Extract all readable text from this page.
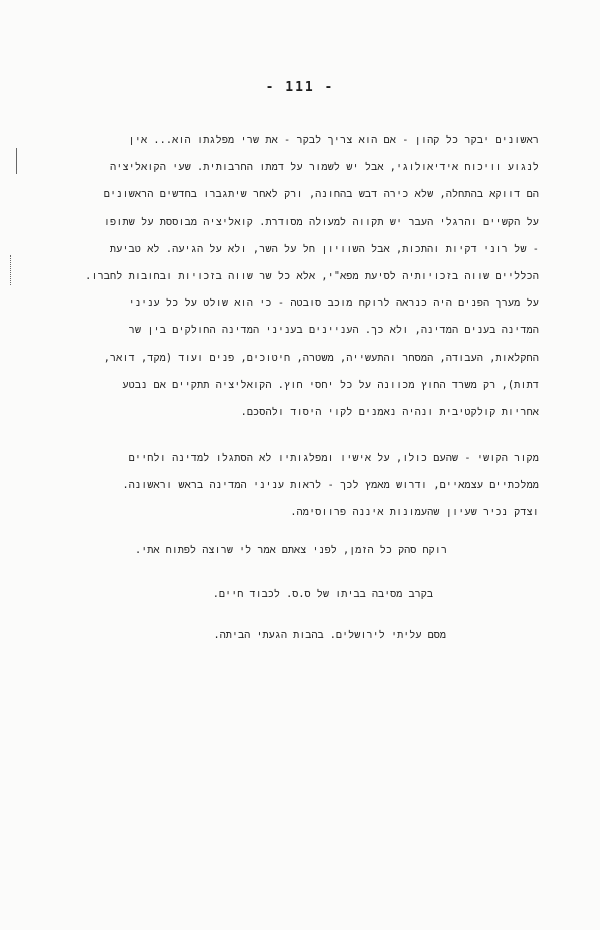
- 111 -
ראשונים יבקר כל קהון - אם הוא צריך לבקר - את שרי מפלגתו הוא... אין
לנגוע וויכוח אידיאולוגי, אבל יש לשמור על דמתו החרבותית. שעי הקואליציה
הם דווקא בהתחלה, שלא כירה דבש בהחונה, ורק לאחר שיתגברו בחדשים הראשונים
על הקשיים והרגלי העבר יש תקווה למעולה מסודרת. קואליציה מבוססת על שתופו
- של רוני דקיות והתכות, אבל השוויון חל על השר, ולא על הגיעה. לא טביעת
הכלליים שווה בזכויותיה לסיעת מפא"י, אלא כל שר שווה בזכויות ובחובות לחברו.
על מערך הפנים היה כנראה לרוקח מוכב סובטה - כי הוא שולט על כל עניני
המדינה בענים המדינה, ולא כך. העניינים בעניני המדינה החולקים בין שר
החקלאות, העבודה, המסחר והתעשייה, משטרה, חיטוכים, פנים ועוד (מקד, דואר,
דתות), רק משרד החוץ מכוונה על כל יחסי חוץ. הקואליציה תתקיים אם נבטע
אחריות קולקטיבית ונהיה נאמנים לקוי היסוד ולהסכם.
מקור הקושי - שהעם כולו, על אישיו ומפלגותיו לא הסתגלו למדינה ולחיים
ממלכתיים עצמאיים, ודרוש מאמץ לכך - לראות עניני המדינה בראש וראשונה.
וצדק נכיר שעיון שהעמונות איננה פרווסימה.
רוקח סהק כל הזמן, לפני צאתם אמר לי שרוצה לפתוח אתי.
בקרב מסיבה בביתו של ס.ס. לכבוד חיים.
מסם עליתי לירושלים. בהבות הגעתי הביתה.
